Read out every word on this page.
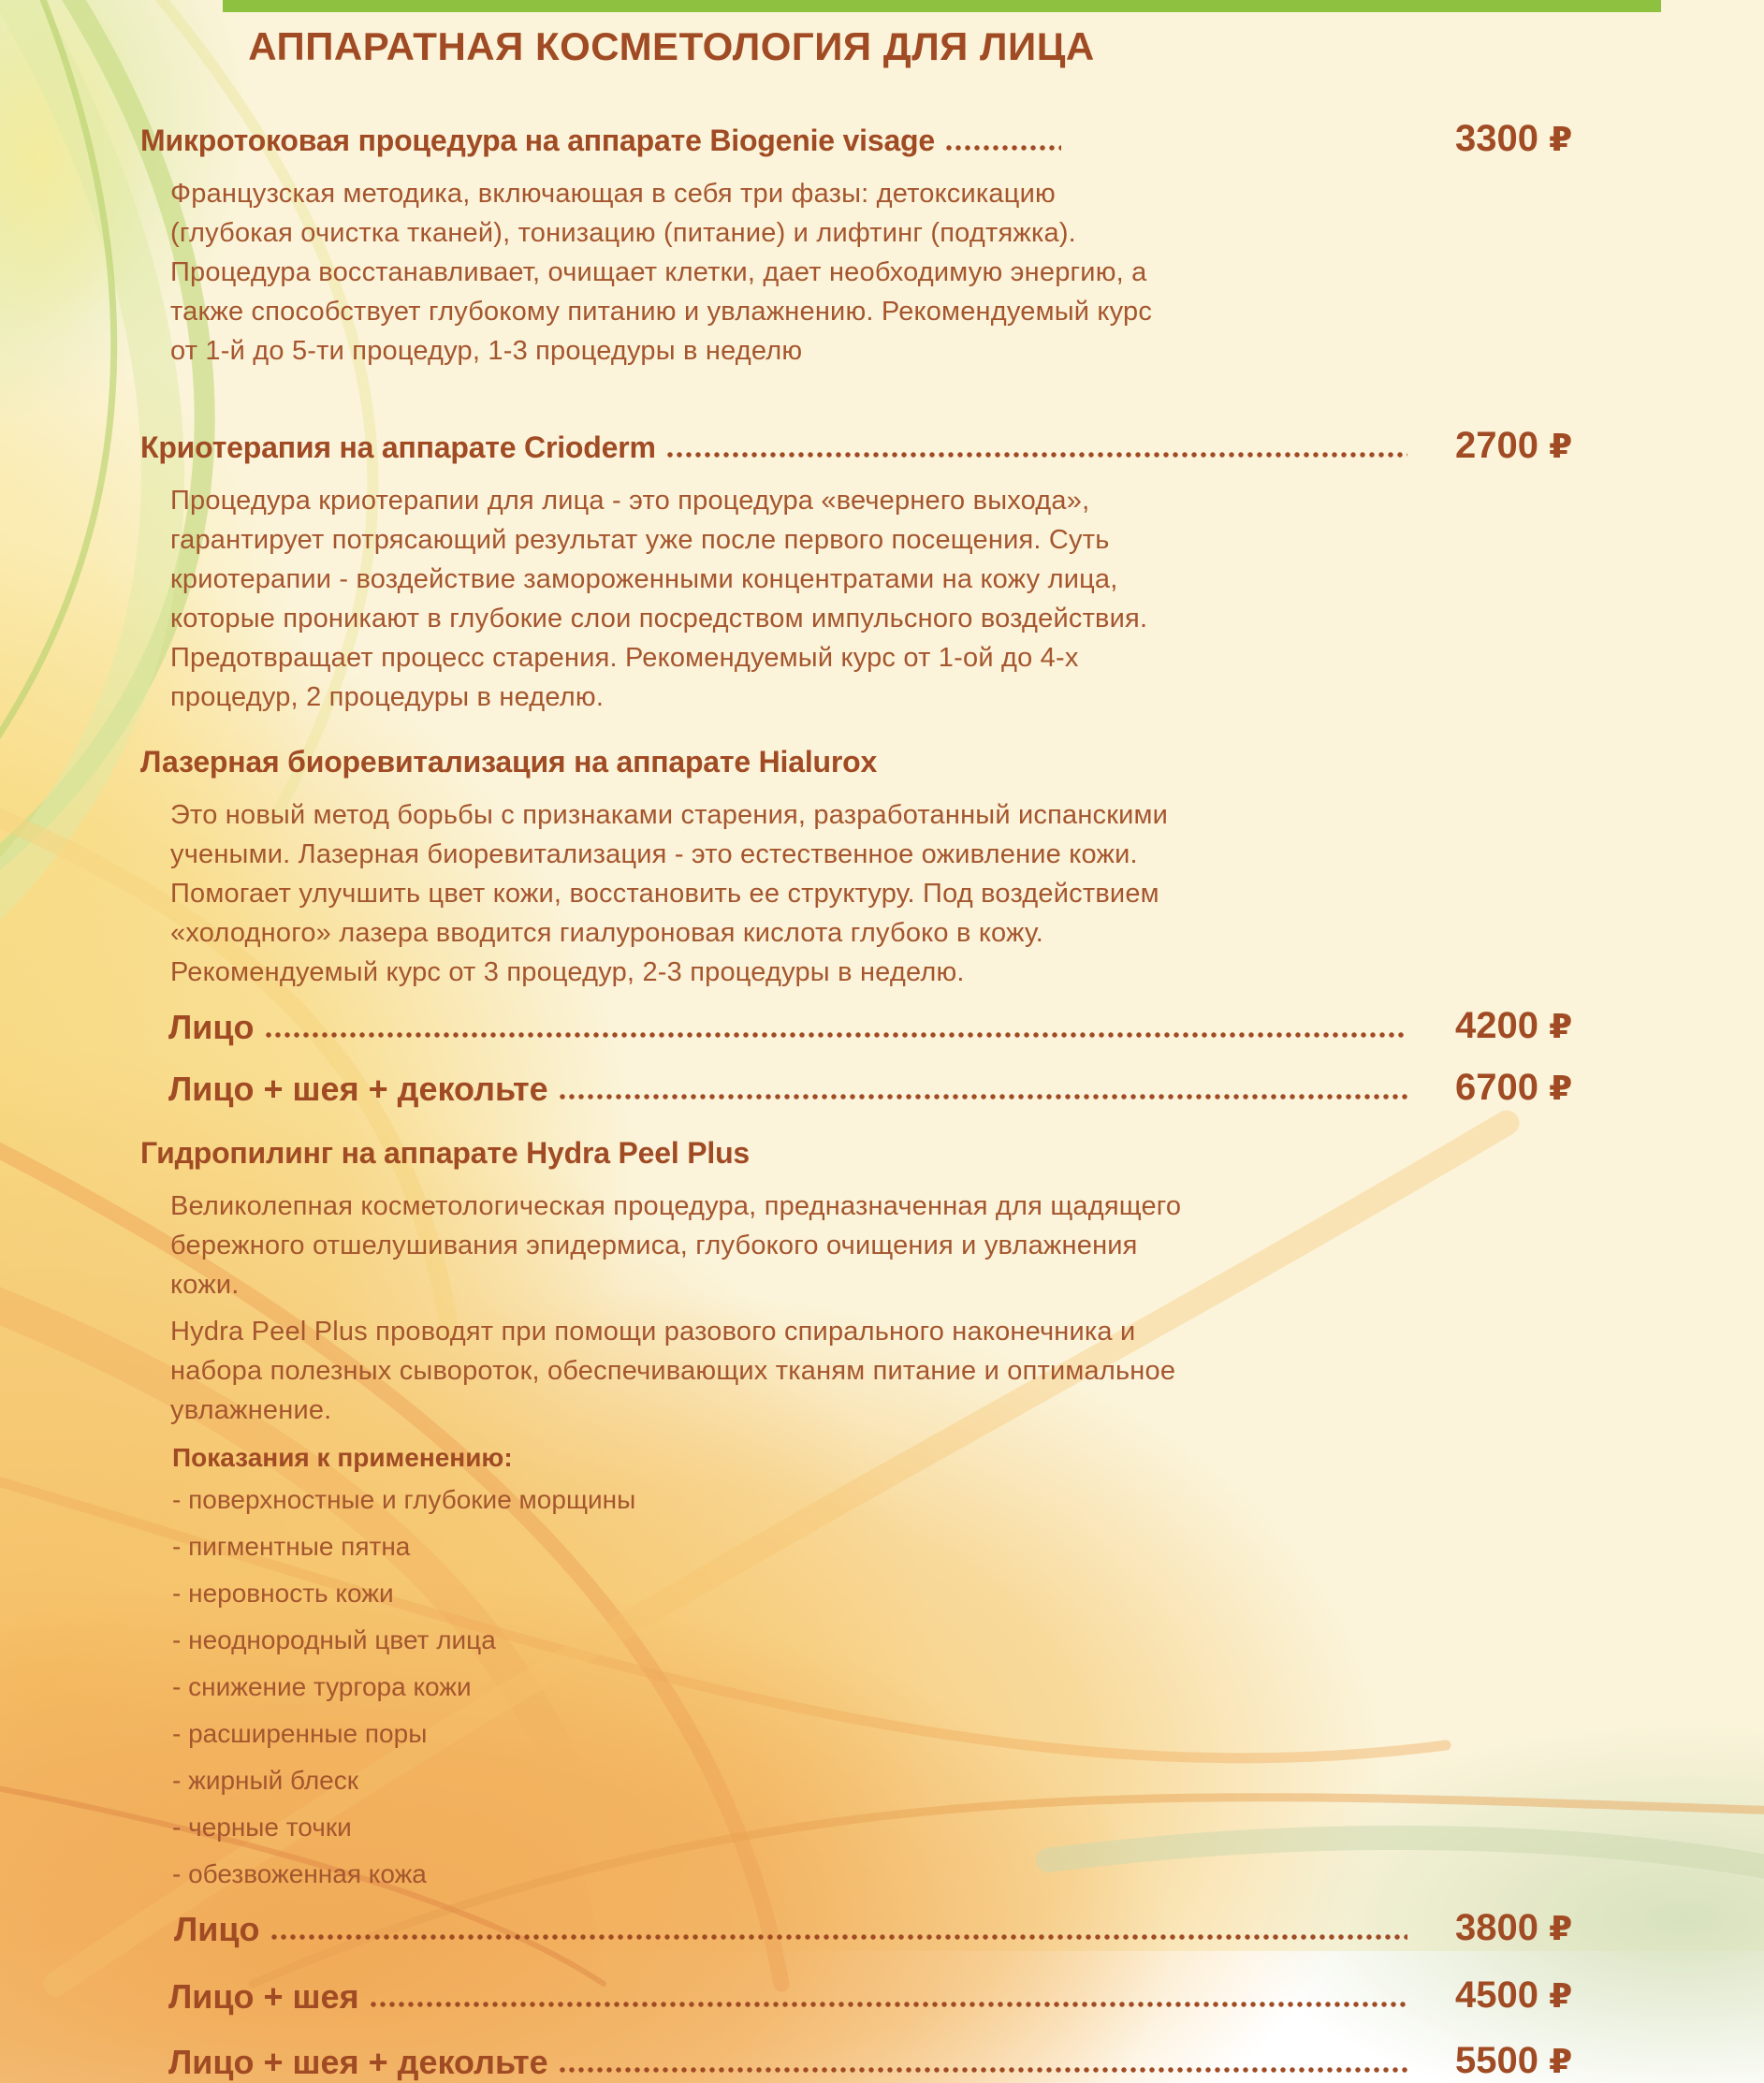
АППАРАТНАЯ КОСМЕТОЛОГИЯ ДЛЯ ЛИЦА
Микротоковая процедура на аппарате Biogenie visage	3300 ₽
Французская методика, включающая в себя три фазы: детоксикацию (глубокая очистка тканей), тонизацию (питание) и лифтинг (подтяжка). Процедура восстанавливает, очищает клетки, дает необходимую энергию, а также способствует глубокому питанию и увлажнению. Рекомендуемый курс от 1-й до 5-ти процедур, 1-3 процедуры в неделю
Криотерапия на аппарате Crioderm	2700 ₽
Процедура криотерапии для лица - это процедура «вечернего выхода», гарантирует потрясающий результат уже после первого посещения. Суть криотерапии - воздействие замороженными концентратами на кожу лица, которые проникают в глубокие слои посредством импульсного воздействия. Предотвращает процесс старения. Рекомендуемый курс от 1-ой до 4-х процедур, 2 процедуры в неделю.
Лазерная биоревитализация на аппарате Hialurox
Это новый метод борьбы с признаками старения, разработанный испанскими учеными. Лазерная биоревитализация - это естественное оживление кожи. Помогает улучшить цвет кожи, восстановить ее структуру. Под воздействием «холодного» лазера вводится гиалуроновая кислота глубоко в кожу. Рекомендуемый курс от 3 процедур, 2-3 процедуры в неделю.
Лицо	4200 ₽
Лицо + шея + декольте	6700 ₽
Гидропилинг на аппарате Hydra Peel Plus
Великолепная косметологическая процедура, предназначенная для щадящего бережного отшелушивания эпидермиса, глубокого очищения и увлажнения кожи.
Hydra Peel Plus проводят при помощи разового спирального наконечника и набора полезных сывороток, обеспечивающих тканям питание и оптимальное увлажнение.
Показания к применению:
- поверхностные и глубокие морщины
- пигментные пятна
- неровность кожи
- неоднородный цвет лица
- снижение тургора кожи
- расширенные поры
- жирный блеск
- черные точки
- обезвоженная кожа
Лицо	3800 ₽
Лицо + шея	4500 ₽
Лицо + шея + декольте	5500 ₽
